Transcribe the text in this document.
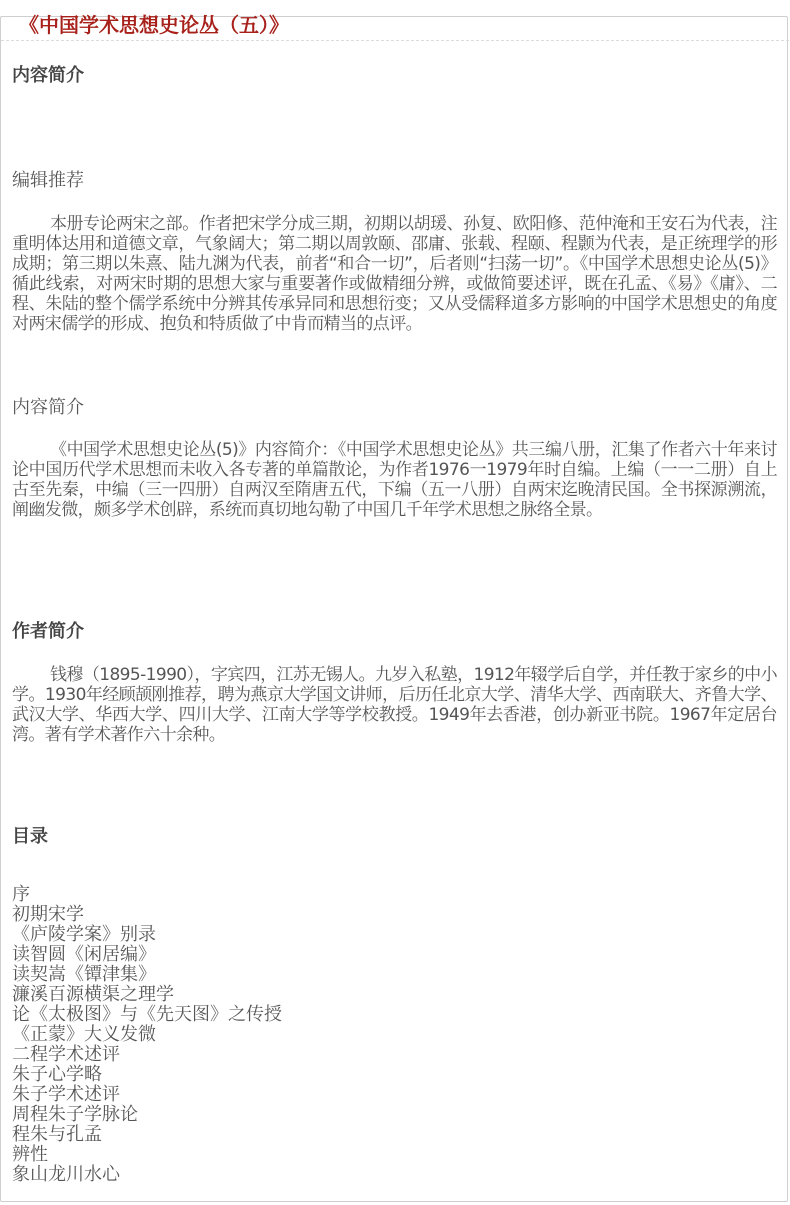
《中国学术思想史论丛（五）》
内容简介
编辑推荐

本册专论两宋之部。作者把宋学分成三期，初期以胡瑗、孙复、欧阳修、范仲淹和王安石为代表，注重明体达用和道德文章，气象阔大；第二期以周敦颐、邵庸、张载、程颐、程颢为代表，是正统理学的形成期；第三期以朱熹、陆九渊为代表，前者“和合一切”，后者则“扫荡一切”。《中国学术思想史论丛(5)》循此线索，对两宋时期的思想大家与重要著作或做精细分辨，或做简要述评，既在孔孟、《易》《庸》、二程、朱陆的整个儒学系统中分辨其传承异同和思想衍变；又从受儒释道多方影响的中国学术思想史的角度对两宋儒学的形成、抱负和特质做了中肯而精当的点评。

内容简介

《中国学术思想史论丛(5)》内容简介：《中国学术思想史论丛》共三编八册，汇集了作者六十年来讨论中国历代学术思想而未收入各专著的单篇散论，为作者1976一1979年时自编。上编（一一二册）自上古至先秦，中编（三一四册）自两汉至隋唐五代，下编（五一八册）自两宋迄晚清民国。全书探源溯流，阐幽发微，颇多学术创辟，系统而真切地勾勒了中国几千年学术思想之脉络全景。

作者简介

钱穆（1895-1990），字宾四，江苏无锡人。九岁入私塾，1912年辍学后自学，并任教于家乡的中小学。1930年经顾颉刚推荐，聘为燕京大学国文讲师，后历任北京大学、清华大学、西南联大、齐鲁大学、武汉大学、华西大学、四川大学、江南大学等学校教授。1949年去香港，创办新亚书院。1967年定居台湾。著有学术著作六十余种。

目录
序
初期宋学
《庐陵学案》别录
读智圆《闲居编》
读契嵩《镡津集》
濂溪百源横渠之理学
论《太极图》与《先天图》之传授
《正蒙》大义发微
二程学术述评
朱子心学略
朱子学术述评
周程朱子学脉论
程朱与孔孟
辨性
象山龙川水心
